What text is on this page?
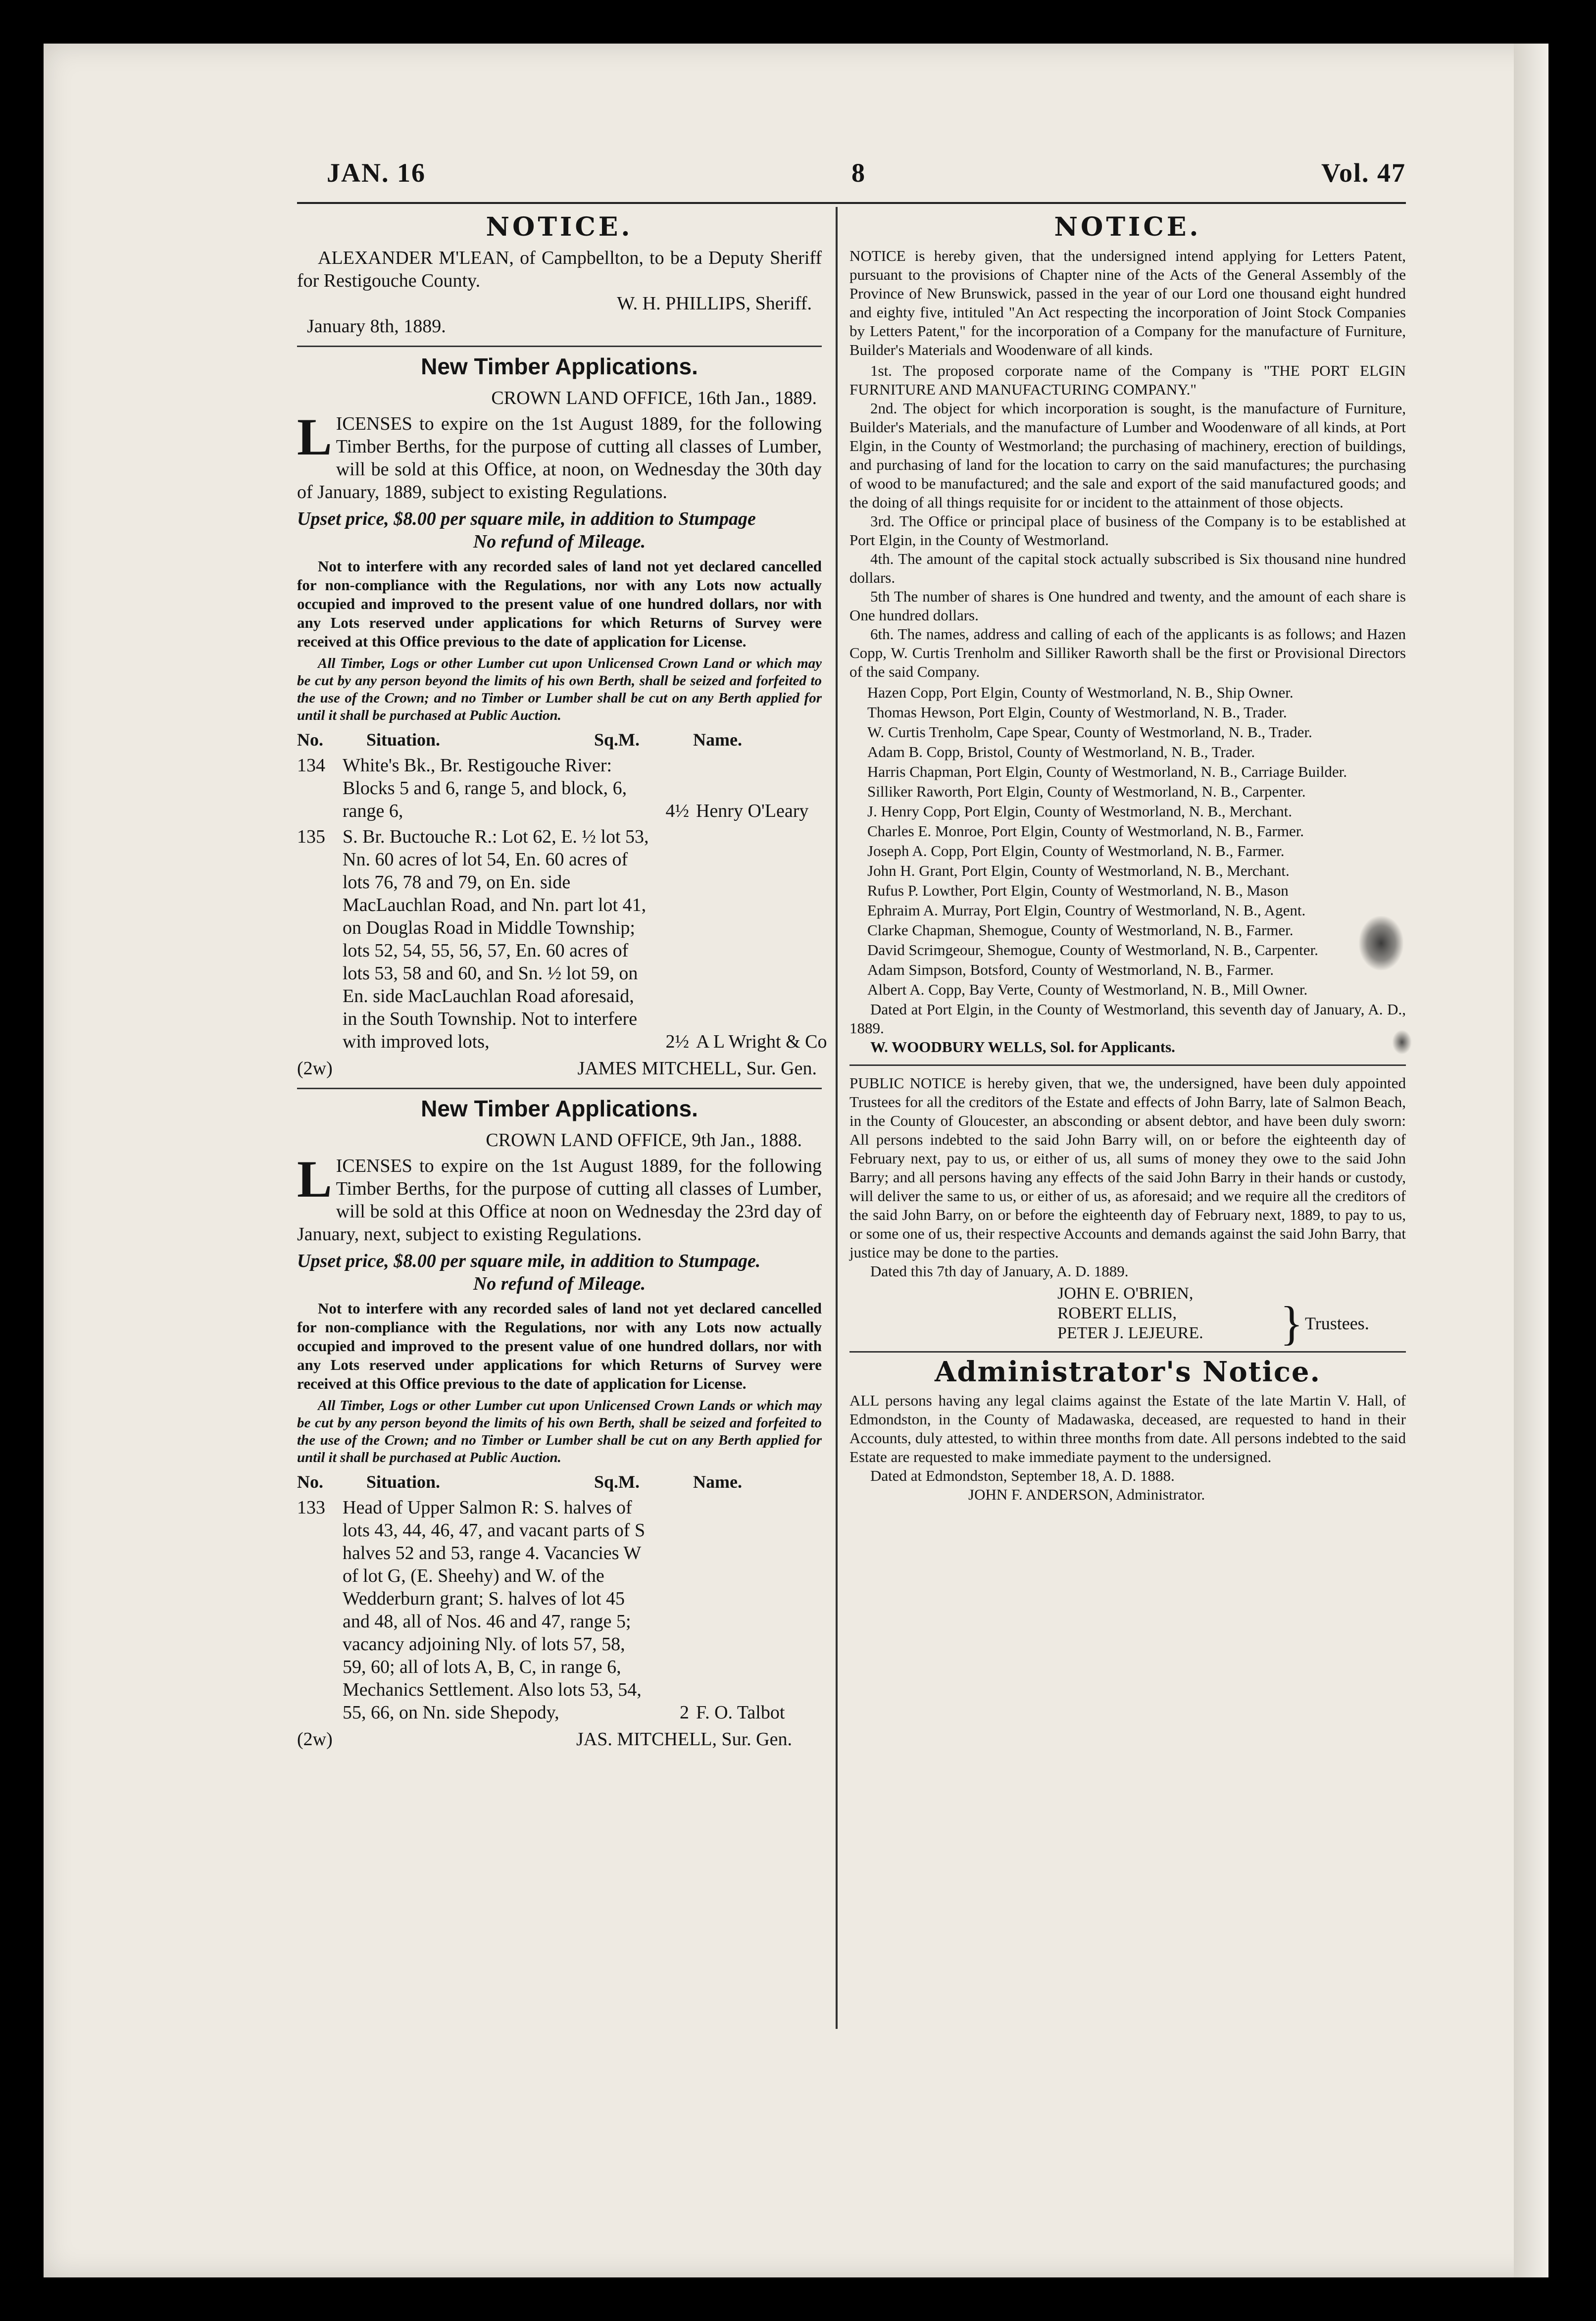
JAN. 16	8	Vol. 47
NOTICE.

ALEXANDER M'LEAN, of Campbellton, to be a Deputy Sheriff for Restigouche County.

W. H. PHILLIPS, Sheriff.

January 8th, 1889.

New Timber Applications.

CROWN LAND OFFICE, 16th Jan., 1889.

LICENSES to expire on the 1st August 1889, for the following Timber Berths, for the purpose of cutting all classes of Lumber, will be sold at this Office, at noon, on Wednesday the 30th day of January, 1889, subject to existing Regulations.

Upset price, $8.00 per square mile, in addition to Stumpage

No refund of Mileage.

Not to interfere with any recorded sales of land not yet declared cancelled for non-compliance with the Regulations, nor with any Lots now actually occupied and improved to the present value of one hundred dollars, nor with any Lots reserved under applications for which Returns of Survey were received at this Office previous to the date of application for License.

All Timber, Logs or other Lumber cut upon Unlicensed Crown Land or which may be cut by any person beyond the limits of his own Berth, shall be seized and forfeited to the use of the Crown; and no Timber or Lumber shall be cut on any Berth applied for until it shall be purchased at Public Auction.

No.	Situation.	Sq.M.	Name.
134 White's Bk., Br. Restigouche River: Blocks 5 and 6, range 5, and block, 6, range 6,	4½ Henry O'Leary
135 S. Br. Buctouche R.: Lot 62, E. ½ lot 53, Nn. 60 acres of lot 54, En. 60 acres of lots 76, 78 and 79, on En. side MacLauchlan Road, and Nn. part lot 41, on Douglas Road in Middle Township; lots 52, 54, 55, 56, 57, En. 60 acres of lots 53, 58 and 60, and Sn. ½ lot 59, on En. side MacLauchlan Road aforesaid, in the South Township. Not to interfere with improved lots,	2½ A L Wright & Co
(2w)	JAMES MITCHELL, Sur. Gen.
New Timber Applications.

CROWN LAND OFFICE, 9th Jan., 1888.

LICENSES to expire on the 1st August 1889, for the following Timber Berths, for the purpose of cutting all classes of Lumber, will be sold at this Office at noon on Wednesday the 23rd day of January, next, subject to existing Regulations.

Upset price, $8.00 per square mile, in addition to Stumpage.

No refund of Mileage.

Not to interfere with any recorded sales of land not yet declared cancelled for non-compliance with the Regulations, nor with any Lots now actually occupied and improved to the present value of one hundred dollars, nor with any Lots reserved under applications for which Returns of Survey were received at this Office previous to the date of application for License.

All Timber, Logs or other Lumber cut upon Unlicensed Crown Lands or which may be cut by any person beyond the limits of his own Berth, shall be seized and forfeited to the use of the Crown; and no Timber or Lumber shall be cut on any Berth applied for until it shall be purchased at Public Auction.

No.	Situation.	Sq.M.	Name.
133 Head of Upper Salmon R: S. halves of lots 43, 44, 46, 47, and vacant parts of S halves 52 and 53, range 4. Vacancies W of lot G, (E. Sheehy) and W. of the Wedderburn grant; S. halves of lot 45 and 48, all of Nos. 46 and 47, range 5; vacancy adjoining Nly. of lots 57, 58, 59, 60; all of lots A, B, C, in range 6, Mechanics Settlement. Also lots 53, 54, 55, 66, on Nn. side Shepody,	2 F. O. Talbot
(2w)	JAS. MITCHELL, Sur. Gen.
NOTICE.

NOTICE is hereby given, that the undersigned intend applying for Letters Patent, pursuant to the provisions of Chapter nine of the Acts of the General Assembly of the Province of New Brunswick, passed in the year of our Lord one thousand eight hundred and eighty five, intituled "An Act respecting the incorporation of Joint Stock Companies by Letters Patent," for the incorporation of a Company for the manufacture of Furniture, Builder's Materials and Woodenware of all kinds.

1st. The proposed corporate name of the Company is "THE PORT ELGIN FURNITURE AND MANUFACTURING COMPANY."

2nd. The object for which incorporation is sought, is the manufacture of Furniture, Builder's Materials, and the manufacture of Lumber and Woodenware of all kinds, at Port Elgin, in the County of Westmorland; the purchasing of machinery, erection of buildings, and purchasing of land for the location to carry on the said manufactures; the purchasing of wood to be manufactured; and the sale and export of the said manufactured goods; and the doing of all things requisite for or incident to the attainment of those objects.

3rd. The Office or principal place of business of the Company is to be established at Port Elgin, in the County of Westmorland.

4th. The amount of the capital stock actually subscribed is Six thousand nine hundred dollars.

5th The number of shares is One hundred and twenty, and the amount of each share is One hundred dollars.

6th. The names, address and calling of each of the applicants is as follows; and Hazen Copp, W. Curtis Trenholm and Silliker Raworth shall be the first or Provisional Directors of the said Company.

Hazen Copp, Port Elgin, County of Westmorland, N. B., Ship Owner.

Thomas Hewson, Port Elgin, County of Westmorland, N. B., Trader.

W. Curtis Trenholm, Cape Spear, County of Westmorland, N. B., Trader.

Adam B. Copp, Bristol, County of Westmorland, N. B., Trader.

Harris Chapman, Port Elgin, County of Westmorland, N. B., Carriage Builder.

Silliker Raworth, Port Elgin, County of Westmorland, N. B., Carpenter.

J. Henry Copp, Port Elgin, County of Westmorland, N. B., Merchant.

Charles E. Monroe, Port Elgin, County of Westmorland, N. B., Farmer.

Joseph A. Copp, Port Elgin, County of Westmorland, N. B., Farmer.

John H. Grant, Port Elgin, County of Westmorland, N. B., Merchant.

Rufus P. Lowther, Port Elgin, County of Westmorland, N. B., Mason

Ephraim A. Murray, Port Elgin, Country of Westmorland, N. B., Agent.

Clarke Chapman, Shemogue, County of Westmorland, N. B., Farmer.

David Scrimgeour, Shemogue, County of Westmorland, N. B., Carpenter.

Adam Simpson, Botsford, County of Westmorland, N. B., Farmer.

Albert A. Copp, Bay Verte, County of Westmorland, N. B., Mill Owner.

Dated at Port Elgin, in the County of Westmorland, this seventh day of January, A. D., 1889.

W. WOODBURY WELLS, Sol. for Applicants.

PUBLIC NOTICE is hereby given, that we, the undersigned, have been duly appointed Trustees for all the creditors of the Estate and effects of John Barry, late of Salmon Beach, in the County of Gloucester, an absconding or absent debtor, and have been duly sworn: All persons indebted to the said John Barry will, on or before the eighteenth day of February next, pay to us, or either of us, all sums of money they owe to the said John Barry; and all persons having any effects of the said John Barry in their hands or custody, will deliver the same to us, or either of us, as aforesaid; and we require all the creditors of the said John Barry, on or before the eighteenth day of February next, 1889, to pay to us, or some one of us, their respective Accounts and demands against the said John Barry, that justice may be done to the parties.

Dated this 7th day of January, A. D. 1889.

JOHN E. O'BRIEN,
ROBERT ELLIS,
PETER J. LEJEURE.	} Trustees.
Administrator's Notice.

ALL persons having any legal claims against the Estate of the late Martin V. Hall, of Edmondston, in the County of Madawaska, deceased, are requested to hand in their Accounts, duly attested, to within three months from date. All persons indebted to the said Estate are requested to make immediate payment to the undersigned.

Dated at Edmondston, September 18, A. D. 1888.

JOHN F. ANDERSON, Administrator.
